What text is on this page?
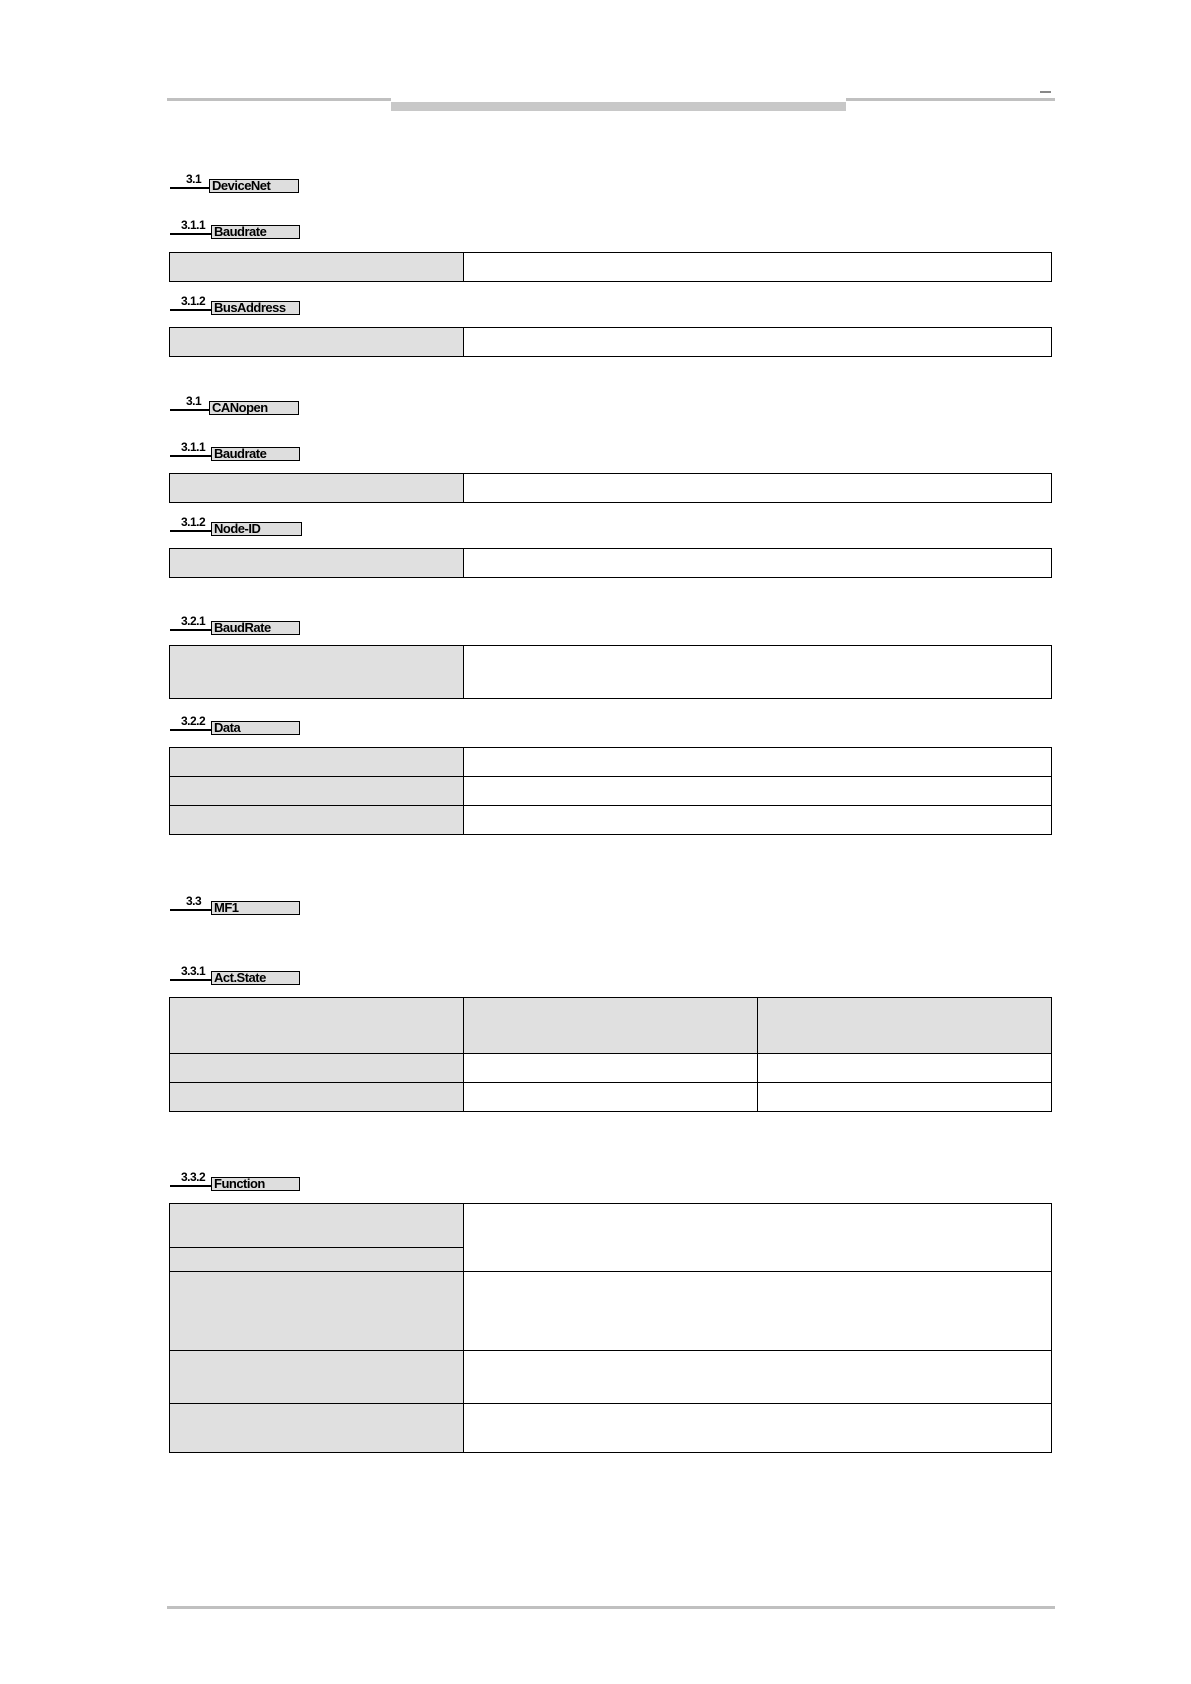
3.1 DeviceNet
3.1.1 Baudrate

3.1.2 BusAddress

3.1 CANopen
3.1.1 Baudrate

3.1.2 Node-ID

3.2.1 BaudRate

3.2.2 Data

3.3 MF1
3.3.1 Act.State

3.3.2 Function
